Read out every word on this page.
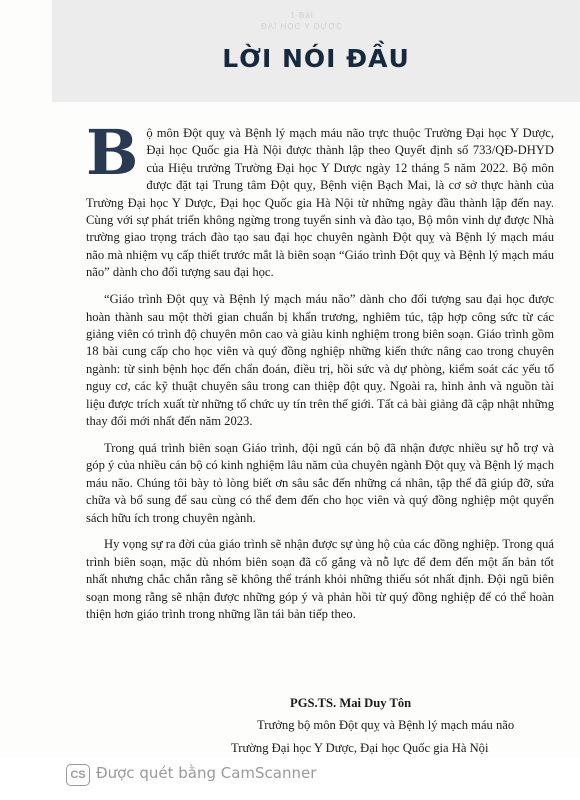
1 Bài
ĐẠI HỌC Y DƯỢC
LỜI NÓI ĐẦU

B ộ môn Đột quỵ và Bệnh lý mạch máu não trực thuộc Trường Đại học Y Dược, Đại học Quốc gia Hà Nội được thành lập theo Quyết định số 733/QĐ-DHYD của Hiệu trưởng Trường Đại học Y Dược ngày 12 tháng 5 năm 2022. Bộ môn được đặt tại Trung tâm Đột quỵ, Bệnh viện Bạch Mai, là cơ sở thực hành của Trường Đại học Y Dược, Đại học Quốc gia Hà Nội từ những ngày đầu thành lập đến nay. Cùng với sự phát triển không ngừng trong tuyển sinh và đào tạo, Bộ môn vinh dự được Nhà trường giao trọng trách đào tạo sau đại học chuyên ngành Đột quỵ và Bệnh lý mạch máu não mà nhiệm vụ cấp thiết trước mắt là biên soạn “Giáo trình Đột quỵ và Bệnh lý mạch máu não” dành cho đối tượng sau đại học.

“Giáo trình Đột quỵ và Bệnh lý mạch máu não” dành cho đối tượng sau đại học được hoàn thành sau một thời gian chuẩn bị khẩn trương, nghiêm túc, tập hợp công sức từ các giảng viên có trình độ chuyên môn cao và giàu kinh nghiệm trong biên soạn. Giáo trình gồm 18 bài cung cấp cho học viên và quý đồng nghiệp những kiến thức nâng cao trong chuyên ngành: từ sinh bệnh học đến chẩn đoán, điều trị, hồi sức và dự phòng, kiểm soát các yếu tố nguy cơ, các kỹ thuật chuyên sâu trong can thiệp đột quỵ. Ngoài ra, hình ảnh và nguồn tài liệu được trích xuất từ những tổ chức uy tín trên thế giới. Tất cả bài giảng đã cập nhật những thay đổi mới nhất đến năm 2023.

Trong quá trình biên soạn Giáo trình, đội ngũ cán bộ đã nhận được nhiều sự hỗ trợ và góp ý của nhiều cán bộ có kinh nghiệm lâu năm của chuyên ngành Đột quỵ và Bệnh lý mạch máu não. Chúng tôi bày tỏ lòng biết ơn sâu sắc đến những cá nhân, tập thể đã giúp đỡ, sửa chữa và bổ sung để sau cùng có thể đem đến cho học viên và quý đồng nghiệp một quyển sách hữu ích trong chuyên ngành.

Hy vọng sự ra đời của giáo trình sẽ nhận được sự ủng hộ của các đồng nghiệp. Trong quá trình biên soạn, mặc dù nhóm biên soạn đã cố gắng và nỗ lực để đem đến một ấn bản tốt nhất nhưng chắc chắn rằng sẽ không thể tránh khỏi những thiếu sót nhất định. Đội ngũ biên soạn mong rằng sẽ nhận được những góp ý và phản hồi từ quý đồng nghiệp để có thể hoàn thiện hơn giáo trình trong những lần tái bản tiếp theo.

PGS.TS. Mai Duy Tôn
Trưởng bộ môn Đột quỵ và Bệnh lý mạch máu não
Trường Đại học Y Dược, Đại học Quốc gia Hà Nội
CS Được quét bằng CamScanner
